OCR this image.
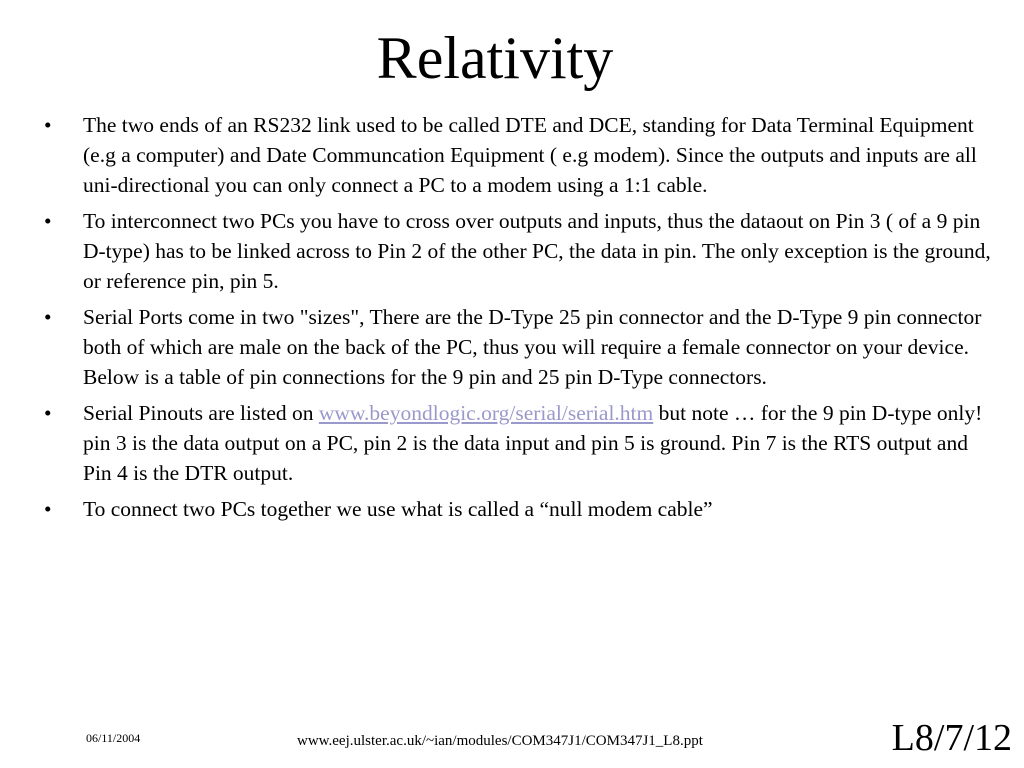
Relativity
• The two ends of an RS232 link used to be called DTE and DCE, standing for Data Terminal Equipment (e.g a computer) and Date Communcation Equipment ( e.g modem). Since the outputs and inputs are all uni-directional you can only connect a PC to a modem using a 1:1 cable.
• To interconnect two PCs you have to cross over outputs and inputs, thus the dataout on Pin 3 ( of a 9 pin D-type) has to be linked across to Pin 2 of the other PC, the data in pin. The only exception is the ground, or reference pin, pin 5.
• Serial Ports come in two "sizes", There are the D-Type 25 pin connector and the D-Type 9 pin connector both of which are male on the back of the PC, thus you will require a female connector on your device. Below is a table of pin connections for the 9 pin and 25 pin D-Type connectors.
• Serial Pinouts are listed on www.beyondlogic.org/serial/serial.htm but note … for the 9 pin D-type only! pin 3 is the data output on a PC, pin 2 is the data input and pin 5 is ground. Pin 7 is the RTS output and Pin 4 is the DTR output.
• To connect two PCs together we use what is called a “null modem cable”
06/11/2004	www.eej.ulster.ac.uk/~ian/modules/COM347J1/COM347J1_L8.ppt	L8/7/12
